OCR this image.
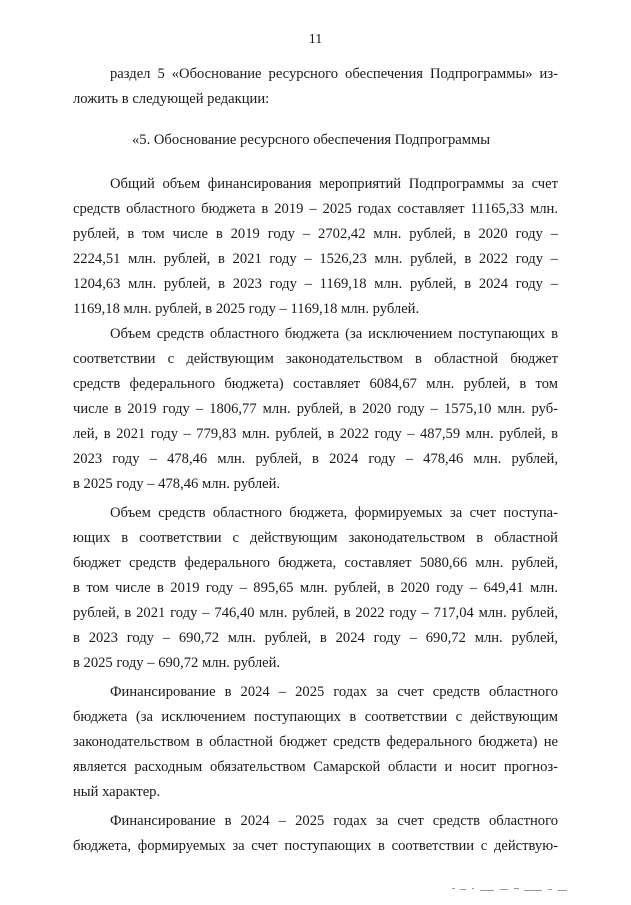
11
раздел 5 «Обоснование ресурсного обеспечения Подпрограммы» из-
ложить в следующей редакции:
«5. Обоснование ресурсного обеспечения Подпрограммы
Общий объем финансирования мероприятий Подпрограммы за счет
средств областного бюджета в 2019 – 2025 годах составляет 11165,33 млн.
рублей, в том числе в 2019 году – 2702,42 млн. рублей, в 2020 году –
2224,51 млн. рублей, в 2021 году – 1526,23 млн. рублей, в 2022 году –
1204,63 млн. рублей, в 2023 году – 1169,18 млн. рублей, в 2024 году –
1169,18 млн. рублей, в 2025 году – 1169,18 млн. рублей.
Объем средств областного бюджета (за исключением поступающих в
соответствии с действующим законодательством в областной бюджет
средств федерального бюджета) составляет 6084,67 млн. рублей, в том
числе в 2019 году – 1806,77 млн. рублей, в 2020 году – 1575,10 млн. руб-
лей, в 2021 году – 779,83 млн. рублей, в 2022 году – 487,59 млн. рублей, в
2023 году – 478,46 млн. рублей, в 2024 году – 478,46 млн. рублей,
в 2025 году – 478,46 млн. рублей.
Объем средств областного бюджета, формируемых за счет поступа-
ющих в соответствии с действующим законодательством в областной
бюджет средств федерального бюджета, составляет 5080,66 млн. рублей,
в том числе в 2019 году – 895,65 млн. рублей, в 2020 году – 649,41 млн.
рублей, в 2021 году – 746,40 млн. рублей, в 2022 году – 717,04 млн. рублей,
в 2023 году – 690,72 млн. рублей, в 2024 году – 690,72 млн. рублей,
в 2025 году – 690,72 млн. рублей.
Финансирование в 2024 – 2025 годах за счет средств областного
бюджета (за исключением поступающих в соответствии с действующим
законодательством в областной бюджет средств федерального бюджета) не
является расходным обязательством Самарской области и носит прогноз-
ный характер.
Финансирование в 2024 – 2025 годах за счет средств областного
бюджета, формируемых за счет поступающих в соответствии с действую-
